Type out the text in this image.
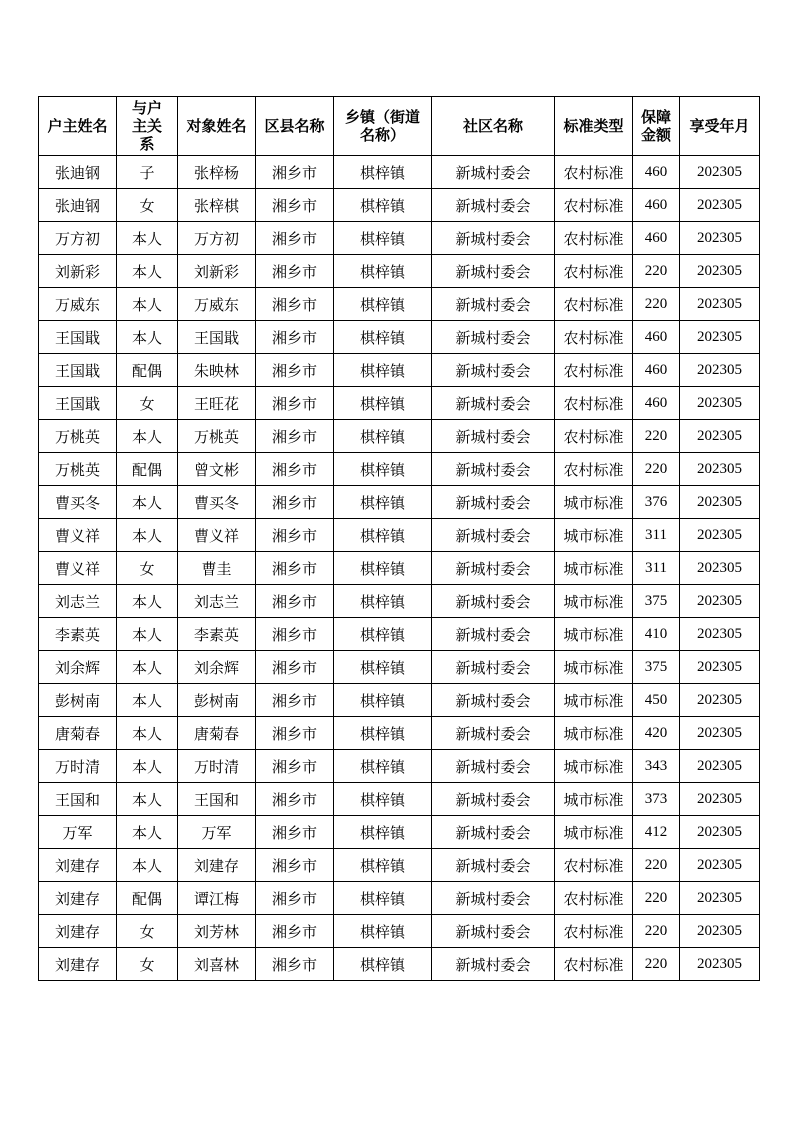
户主姓名	与户主关系	对象姓名	区县名称	乡镇（街道名称）	社区名称	标准类型	保障金额	享受年月
张迪钢	子	张梓杨	湘乡市	棋梓镇	新城村委会	农村标准	460	202305
张迪钢	女	张梓棋	湘乡市	棋梓镇	新城村委会	农村标准	460	202305
万方初	本人	万方初	湘乡市	棋梓镇	新城村委会	农村标准	460	202305
刘新彩	本人	刘新彩	湘乡市	棋梓镇	新城村委会	农村标准	220	202305
万威东	本人	万威东	湘乡市	棋梓镇	新城村委会	农村标准	220	202305
王国戢	本人	王国戢	湘乡市	棋梓镇	新城村委会	农村标准	460	202305
王国戢	配偶	朱映林	湘乡市	棋梓镇	新城村委会	农村标准	460	202305
王国戢	女	王旺花	湘乡市	棋梓镇	新城村委会	农村标准	460	202305
万桃英	本人	万桃英	湘乡市	棋梓镇	新城村委会	农村标准	220	202305
万桃英	配偶	曾文彬	湘乡市	棋梓镇	新城村委会	农村标准	220	202305
曹买冬	本人	曹买冬	湘乡市	棋梓镇	新城村委会	城市标准	376	202305
曹义祥	本人	曹义祥	湘乡市	棋梓镇	新城村委会	城市标准	311	202305
曹义祥	女	曹圭	湘乡市	棋梓镇	新城村委会	城市标准	311	202305
刘志兰	本人	刘志兰	湘乡市	棋梓镇	新城村委会	城市标准	375	202305
李素英	本人	李素英	湘乡市	棋梓镇	新城村委会	城市标准	410	202305
刘余辉	本人	刘余辉	湘乡市	棋梓镇	新城村委会	城市标准	375	202305
彭树南	本人	彭树南	湘乡市	棋梓镇	新城村委会	城市标准	450	202305
唐菊春	本人	唐菊春	湘乡市	棋梓镇	新城村委会	城市标准	420	202305
万时清	本人	万时清	湘乡市	棋梓镇	新城村委会	城市标准	343	202305
王国和	本人	王国和	湘乡市	棋梓镇	新城村委会	城市标准	373	202305
万军	本人	万军	湘乡市	棋梓镇	新城村委会	城市标准	412	202305
刘建存	本人	刘建存	湘乡市	棋梓镇	新城村委会	农村标准	220	202305
刘建存	配偶	谭江梅	湘乡市	棋梓镇	新城村委会	农村标准	220	202305
刘建存	女	刘芳林	湘乡市	棋梓镇	新城村委会	农村标准	220	202305
刘建存	女	刘喜林	湘乡市	棋梓镇	新城村委会	农村标准	220	202305
